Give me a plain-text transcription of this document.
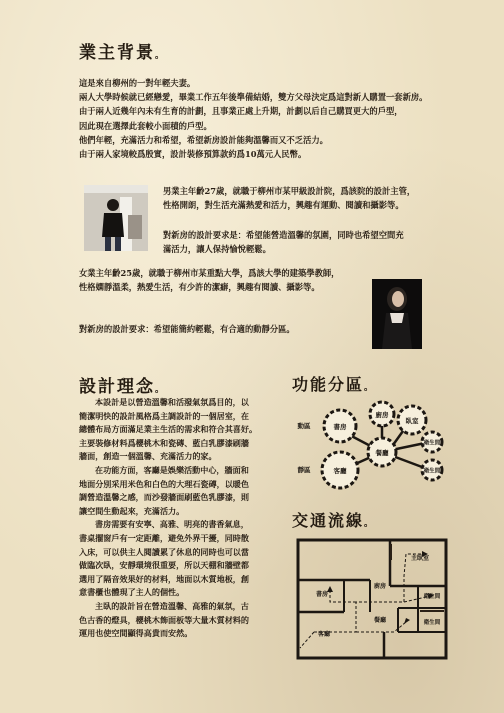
業主背景。

這是來自柳州的一對年輕夫妻。

兩人大學時候就已經戀愛，畢業工作五年後準備結婚，雙方父母決定爲這對新人購置一套新房。

由于兩人近幾年內未有生育的計劃，且事業正處上升期，計劃以后自己購買更大的戶型，

因此現在選擇此套較小面積的戶型。

他們年輕，充滿活力和希望，希望新房設計能夠溫馨而又不乏活力。

由于兩人家境較爲殷實，設計裝修預算款約爲10萬元人民幣。

男業主年齡27歲，就職于柳州市某甲級設計院，爲該院的設計主管，

性格開朗，對生活充滿熱愛和活力，興趣有運動、閱讀和攝影等。

對新房的設計要求是：希望能營造溫馨的氛圍，同時也希望空間充

滿活力，讓人保持愉悅輕鬆。

女業主年齡25歲，就職于柳州市某重點大學，爲該大學的建築學教師，

性格嫻靜溫柔，熱愛生活，有少許的潔癖，興趣有閱讀、攝影等。

對新房的設計要求：希望能簡約輕鬆，有合適的動靜分區。

設計理念。

本設計是以營造溫馨和活潑氣氛爲目的，以

簡潔明快的設計風格爲主調設計的一個居室，在

總體布局方面滿足業主生活的需求和符合其喜好。

主要裝修材料爲櫻桃木和瓷磚、藍白乳膠漆刷牆

牆面，創造一個溫馨、充滿活力的家。

在功能方面，客廳是娛樂活動中心，牆面和

地面分別采用米色和白色的大理石瓷磚，以暖色

調營造溫馨之感，而沙發牆面刷藍色乳膠漆，則

讓空間生動起來，充滿活力。

書房需要有安寧、高雅、明亮的書香氣息，

書桌擺窗戶有一定距離，避免外界干擾，同時散

入床，可以供主人閱讀累了休息的同時也可以當

做臨次臥，安靜環境很重要，所以天棚和牆壁都

選用了隔音效果好的材料，地面以木質地板，創

意書櫃也體現了主人的個性。

主臥的設計旨在營造溫馨、高雅的氣氛，古

色古香的燈具，櫻桃木飾面板等大量木質材料的

運用也使空間顯得高貴而安然。

功能分區。
動區
靜區
書房
廚房
臥室
餐廳
衛生間
客廳	衛生間
交通流線。
主臥室
廚房
書房
餐廳
客廳
衛生間
衛生間
